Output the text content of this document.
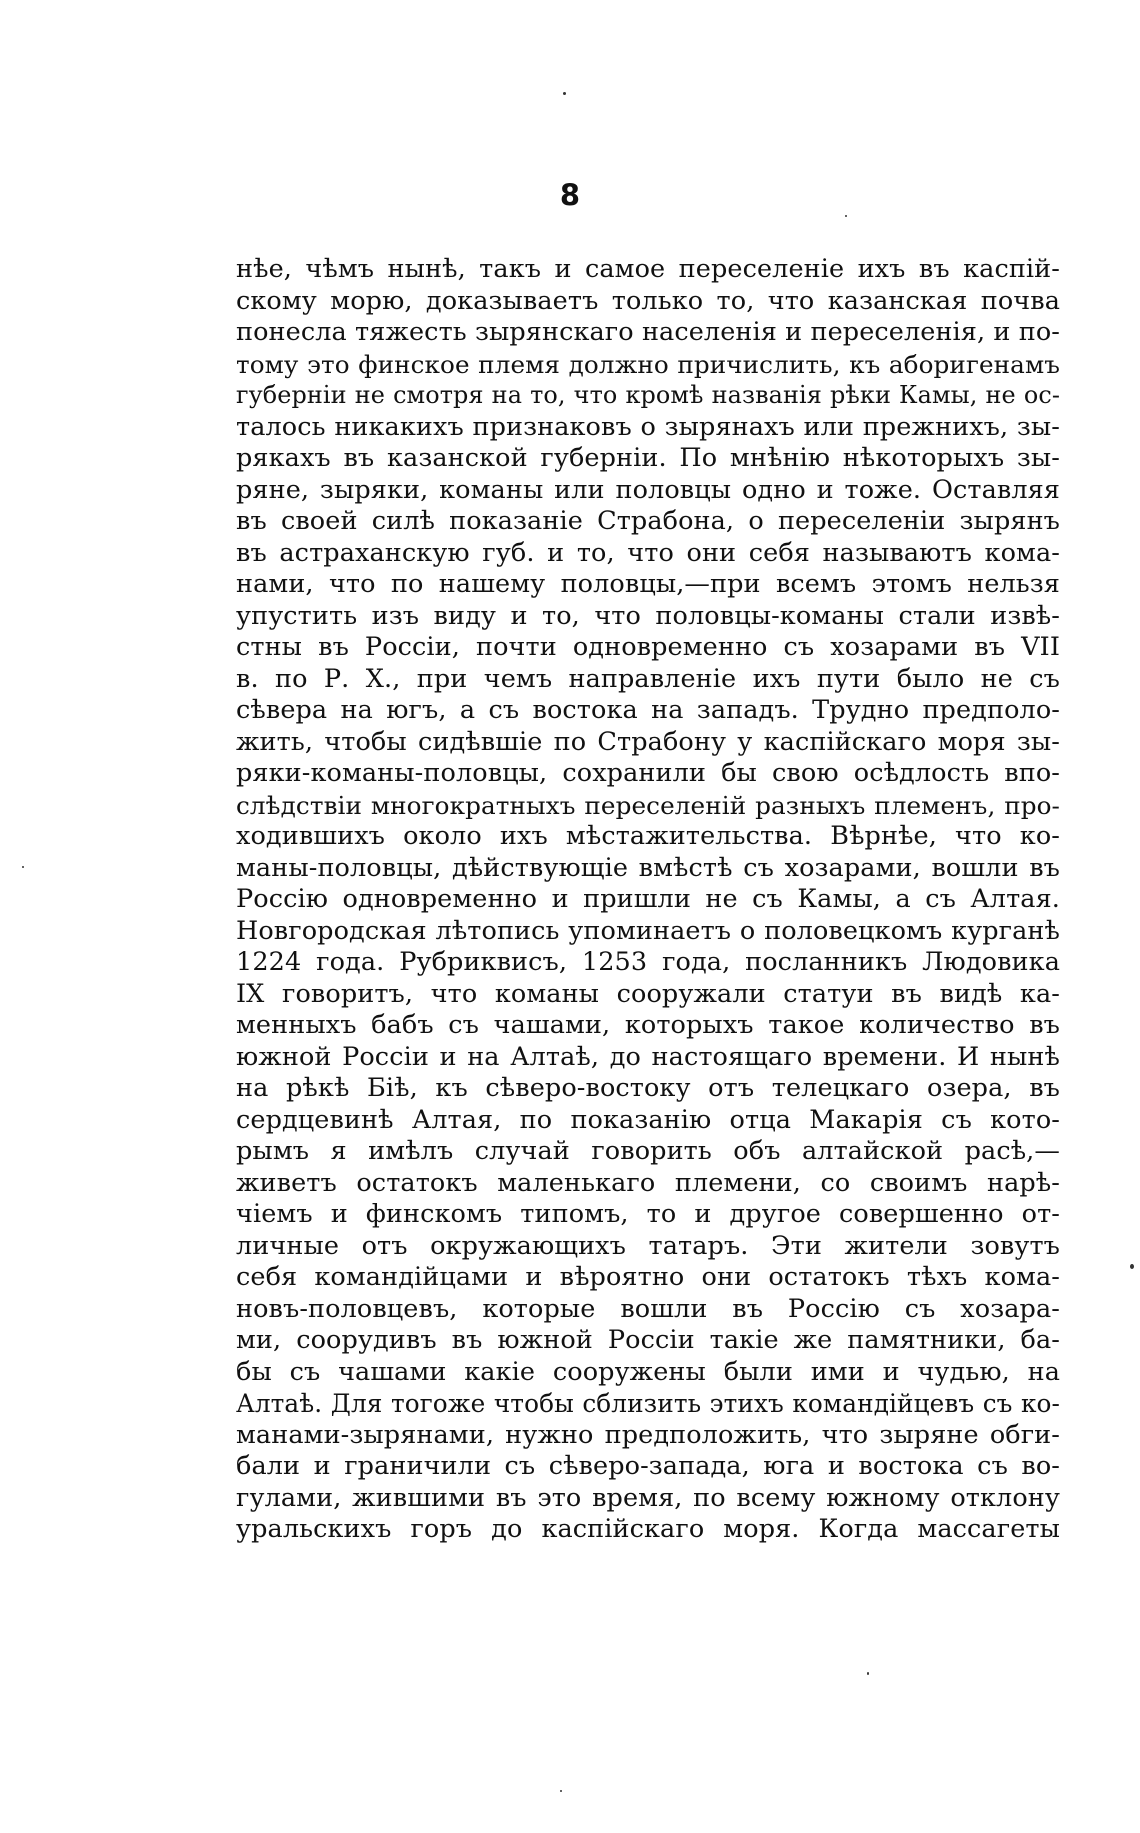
8
нѣе, чѣмъ нынѣ, такъ и самое переселеніе ихъ въ каспій-
скому морю, доказываетъ только то, что казанская почва
понесла тяжесть зырянскаго населенія и переселенія, и по-
тому это финское племя должно причислить, къ аборигенамъ
губерніи не смотря на то, что кромѣ названія рѣки Камы, не ос-
талось никакихъ признаковъ о зырянахъ или прежнихъ, зы-
рякахъ въ казанской губерніи. По мнѣнію нѣкоторыхъ зы-
ряне, зыряки, команы или половцы одно и тоже. Оставляя
въ своей силѣ показаніе Страбона, о переселеніи зырянъ
въ астраханскую губ. и то, что они себя называютъ кома-
нами, что по нашему половцы,—при всемъ этомъ нельзя
упустить изъ виду и то, что половцы-команы стали извѣ-
стны въ Россіи, почти одновременно съ хозарами въ VII
в. по Р. Х., при чемъ направленіе ихъ пути было не съ
сѣвера на югъ, а съ востока на западъ. Трудно предполо-
жить, чтобы сидѣвшіе по Страбону у каспійскаго моря зы-
ряки-команы-половцы, сохранили бы свою осѣдлость впо-
слѣдствіи многократныхъ переселеній разныхъ племенъ, про-
ходившихъ около ихъ мѣстажительства. Вѣрнѣе, что ко-
маны-половцы, дѣйствующіе вмѣстѣ съ хозарами, вошли въ
Россію одновременно и пришли не съ Камы, а съ Алтая.
Новгородская лѣтопись упоминаетъ о половецкомъ курганѣ
1224 года. Рубриквисъ, 1253 года, посланникъ Людовика
IX говоритъ, что команы сооружали статуи въ видѣ ка-
менныхъ бабъ съ чашами, которыхъ такое количество въ
южной Россіи и на Алтаѣ, до настоящаго времени. И нынѣ
на рѣкѣ Біѣ, къ сѣверо-востоку отъ телецкаго озера, въ
сердцевинѣ Алтая, по показанію отца Макарія съ кото-
рымъ я имѣлъ случай говорить объ алтайской расѣ,—
живетъ остатокъ маленькаго племени, со своимъ нарѣ-
чіемъ и финскомъ типомъ, то и другое совершенно от-
личные отъ окружающихъ татаръ. Эти жители зовутъ
себя командійцами и вѣроятно они остатокъ тѣхъ кома-
новъ-половцевъ, которые вошли въ Россію съ хозара-
ми, соорудивъ въ южной Россіи такіе же памятники, ба-
бы съ чашами какіе сооружены были ими и чудью, на
Алтаѣ. Для тогоже чтобы сблизить этихъ командійцевъ съ ко-
манами-зырянами, нужно предположить, что зыряне обги-
бали и граничили съ сѣверо-запада, юга и востока съ во-
гулами, жившими въ это время, по всему южному отклону
уральскихъ горъ до каспійскаго моря. Когда массагеты
